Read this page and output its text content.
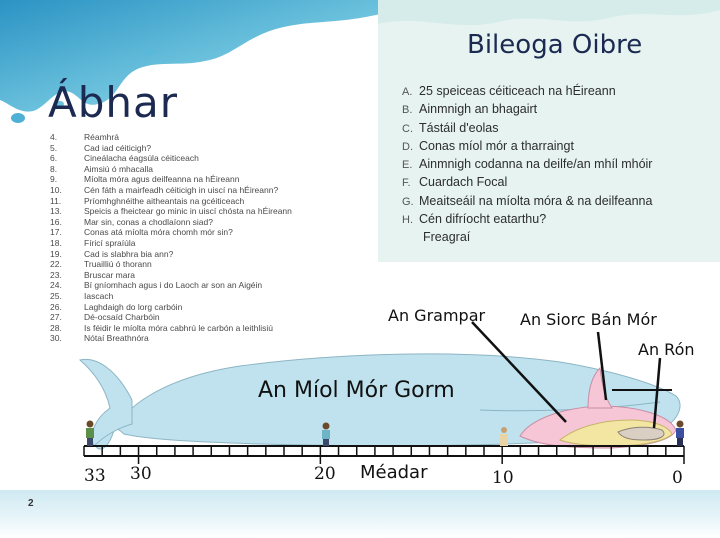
Ábhar
4.	Réamhrá
5.	Cad iad céiticigh?
6.	Cineálacha éagsúla céiticeach
8.	Aimsiú ó mhacalla
9.	Míolta móra agus deilfeanna na hÉireann
10.	Cén fáth a mairfeadh céiticigh in uiscí na hÉireann?
11.	Príomhghnéithe aitheantais na gcéiticeach
13.	Speicis a fheictear go minic in uiscí chósta na hÉireann
16.	Mar sin, conas a chodlaíonn siad?
17.	Conas atá míolta móra chomh mór sin?
18.	Fíricí spraíúla
19.	Cad is slabhra bia ann?
22.	Truailliú ó thorann
23.	Bruscar mara
24.	Bí gníomhach agus i do Laoch ar son an Aigéin
25.	Iascach
26.	Laghdaigh do lorg carbóin
27.	Dé-ocsaíd Charbóin
28.	Is féidir le míolta móra cabhrú le carbón a leithlisiú
30.	Nótaí Breathnóra
Bileoga Oibre
A. 25 speiceas céiticeach na hÉireann
B. Ainmnigh an bhagairt
C. Tástáil d'eolas
D. Conas míol mór a tharraingt
E. Ainmnigh codanna na deilfe/an mhíl mhóir
F. Cuardach Focal
G. Meaitseáil na míolta móra & na deilfeanna
H. Cén difríocht eatarthu?
Freagraí
An Míol Mór Gorm
An Grampar An Siorc Bán Mór
An Rón
Méadar
33 30	20	10	0
2
